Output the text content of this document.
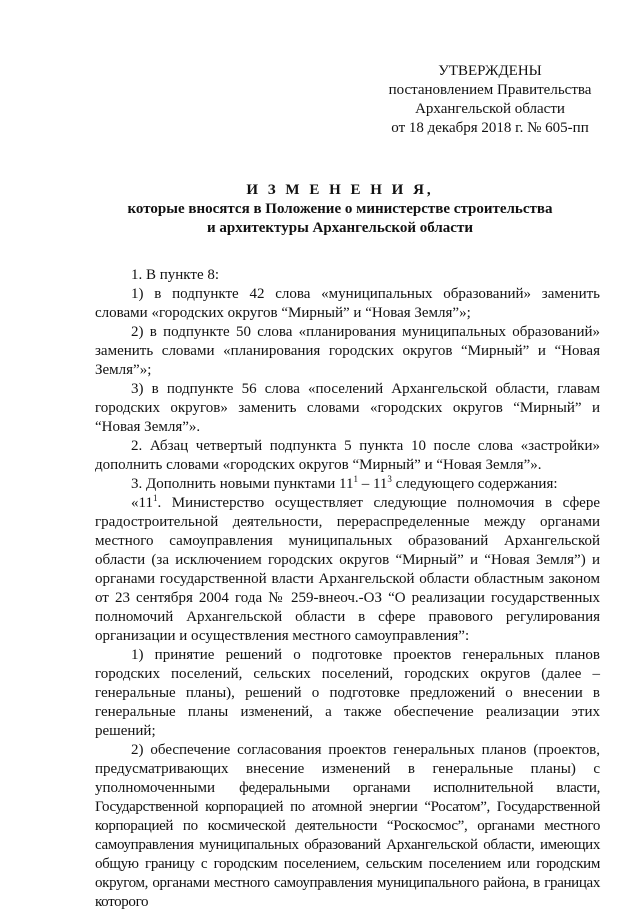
УТВЕРЖДЕНЫ
постановлением Правительства
Архангельской области
от 18 декабря 2018 г. № 605-пп
И З М Е Н Е Н И Я,
которые вносятся в Положение о министерстве строительства
и архитектуры Архангельской области

1. В пункте 8:

1) в подпункте 42 слова «муниципальных образований» заменить словами «городских округов “Мирный” и “Новая Земля”»;

2) в подпункте 50 слова «планирования муниципальных образований» заменить словами «планирования городских округов “Мирный” и “Новая Земля”»;

3) в подпункте 56 слова «поселений Архангельской области, главам городских округов» заменить словами «городских округов “Мирный” и “Новая Земля”».

2. Абзац четвертый подпункта 5 пункта 10 после слова «застройки» дополнить словами «городских округов “Мирный” и “Новая Земля”».

3. Дополнить новыми пунктами $11^1 - 11^3$ следующего содержания:

«$11^1$. Министерство осуществляет следующие полномочия в сфере градостроительной деятельности, перераспределенные между органами местного самоуправления муниципальных образований Архангельской области (за исключением городских округов “Мирный” и “Новая Земля”) и органами государственной власти Архангельской области областным законом от 23 сентября 2004 года № 259-внеоч.-ОЗ “О реализации государственных полномочий Архангельской области в сфере правового регулирования организации и осуществления местного самоуправления”:

1) принятие решений о подготовке проектов генеральных планов городских поселений, сельских поселений, городских округов (далее – генеральные планы), решений о подготовке предложений о внесении в генеральные планы изменений, а также обеспечение реализации этих решений;

2) обеспечение согласования проектов генеральных планов (проектов, предусматривающих внесение изменений в генеральные планы) с уполномоченными федеральными органами исполнительной власти, Государственной корпорацией по атомной энергии “Росатом”, Государственной корпорацией по космической деятельности “Роскосмос”, органами местного самоуправления муниципальных образований Архангельской области, имеющих общую границу с городским поселением, сельским поселением или городским округом, органами местного самоуправления муниципального района, в границах которого
